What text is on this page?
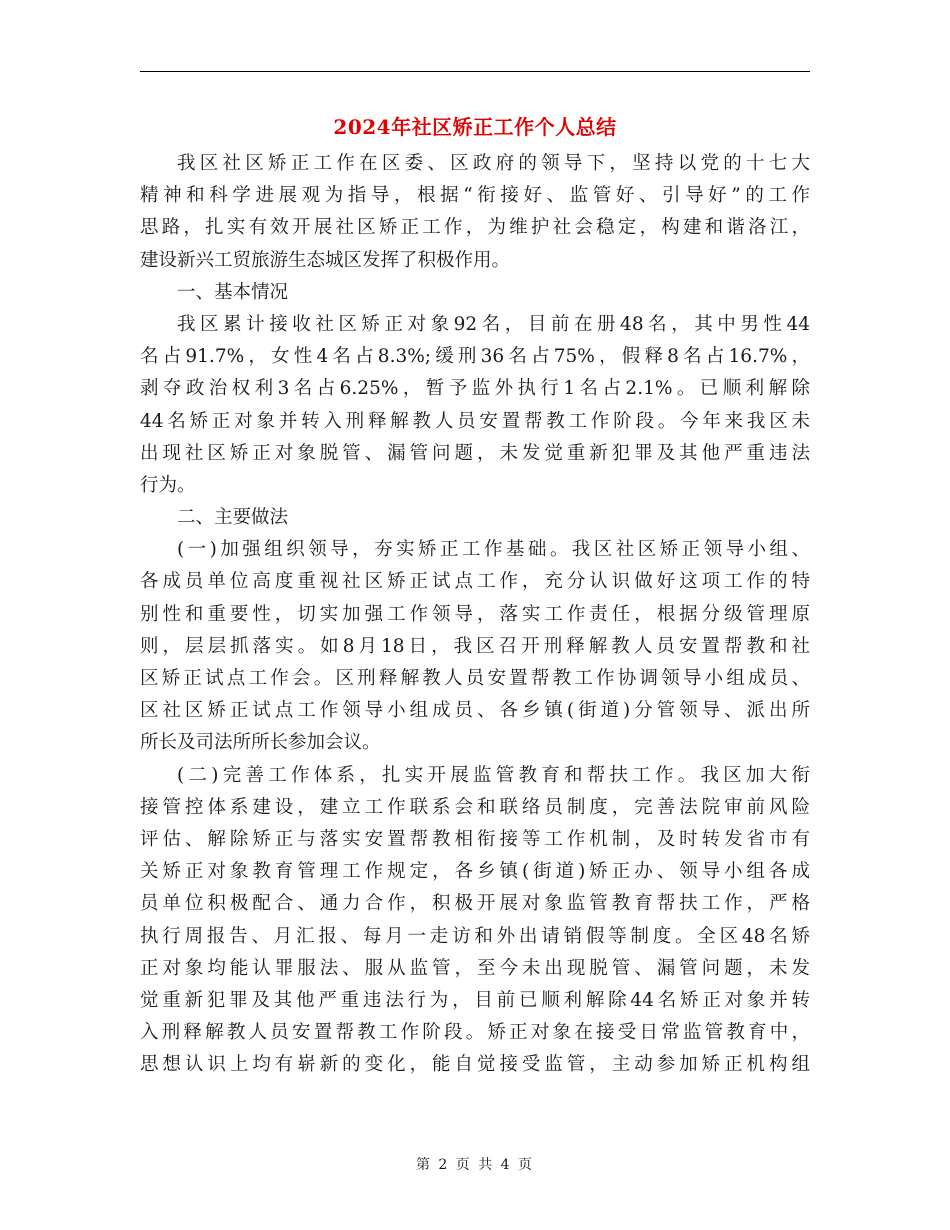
2024年社区矫正工作个人总结
我区社区矫正工作在区委、区政府的领导下，坚持以党的十七大
精神和科学进展观为指导，根据“衔接好、监管好、引导好”的工作
思路，扎实有效开展社区矫正工作，为维护社会稳定，构建和谐洛江，
建设新兴工贸旅游生态城区发挥了积极作用。
一、基本情况
我区累计接收社区矫正对象92名，目前在册48名，其中男性44
名占91.7%，女性4名占8.3%;缓刑36名占75%，假释8名占16.7%，
剥夺政治权利3名占6.25%，暂予监外执行1名占2.1%。已顺利解除
44名矫正对象并转入刑释解教人员安置帮教工作阶段。今年来我区未
出现社区矫正对象脱管、漏管问题，未发觉重新犯罪及其他严重违法
行为。
二、主要做法
(一)加强组织领导，夯实矫正工作基础。我区社区矫正领导小组、
各成员单位高度重视社区矫正试点工作，充分认识做好这项工作的特
别性和重要性，切实加强工作领导，落实工作责任，根据分级管理原
则，层层抓落实。如8月18日，我区召开刑释解教人员安置帮教和社
区矫正试点工作会。区刑释解教人员安置帮教工作协调领导小组成员、
区社区矫正试点工作领导小组成员、各乡镇(街道)分管领导、派出所
所长及司法所所长参加会议。
(二)完善工作体系，扎实开展监管教育和帮扶工作。我区加大衔
接管控体系建设，建立工作联系会和联络员制度，完善法院审前风险
评估、解除矫正与落实安置帮教相衔接等工作机制，及时转发省市有
关矫正对象教育管理工作规定，各乡镇(街道)矫正办、领导小组各成
员单位积极配合、通力合作，积极开展对象监管教育帮扶工作，严格
执行周报告、月汇报、每月一走访和外出请销假等制度。全区48名矫
正对象均能认罪服法、服从监管，至今未出现脱管、漏管问题，未发
觉重新犯罪及其他严重违法行为，目前已顺利解除44名矫正对象并转
入刑释解教人员安置帮教工作阶段。矫正对象在接受日常监管教育中，
思想认识上均有崭新的变化，能自觉接受监管，主动参加矫正机构组
第 2 页 共 4 页
